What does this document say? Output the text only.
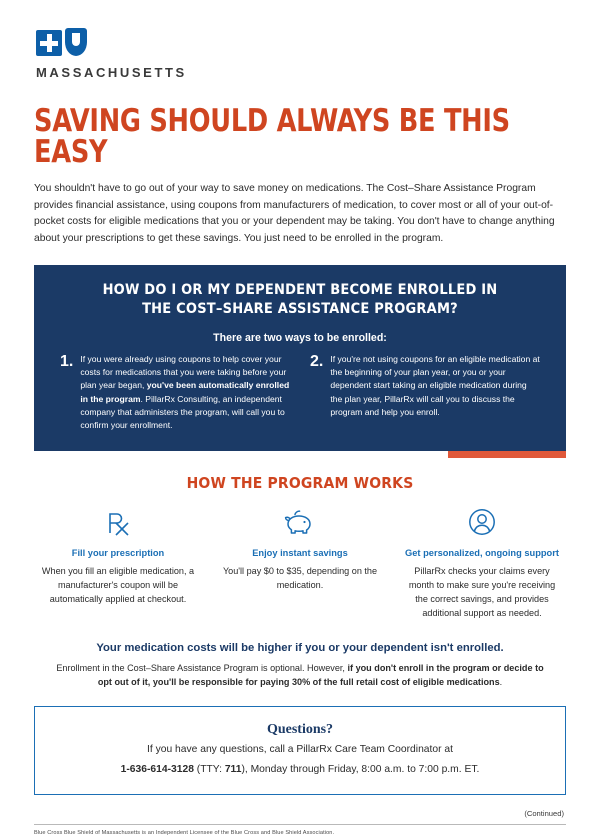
MASSACHUSETTS
SAVING SHOULD ALWAYS BE THIS EASY
You shouldn't have to go out of your way to save money on medications. The Cost–Share Assistance Program provides financial assistance, using coupons from manufacturers of medication, to cover most or all of your out-of-pocket costs for eligible medications that you or your dependent may be taking. You don't have to change anything about your prescriptions to get these savings. You just need to be enrolled in the program.
HOW DO I OR MY DEPENDENT BECOME ENROLLED IN
THE COST–SHARE ASSISTANCE PROGRAM?
There are two ways to be enrolled:
1. If you were already using coupons to help cover your costs for medications that you were taking before your plan year began, you've been automatically enrolled in the program. PillarRx Consulting, an independent company that administers the program, will call you to confirm your enrollment.
2. If you're not using coupons for an eligible medication at the beginning of your plan year, or you or your dependent start taking an eligible medication during the plan year, PillarRx will call you to discuss the program and help you enroll.
HOW THE PROGRAM WORKS
Fill your prescription
When you fill an eligible medication, a manufacturer's coupon will be automatically applied at checkout.
Enjoy instant savings
You'll pay $0 to $35, depending on the medication.
Get personalized, ongoing support
PillarRx checks your claims every month to make sure you're receiving the correct savings, and provides additional support as needed.
Your medication costs will be higher if you or your dependent isn't enrolled.
Enrollment in the Cost–Share Assistance Program is optional. However, if you don't enroll in the program or decide to opt out of it, you'll be responsible for paying 30% of the full retail cost of eligible medications.
Questions?
If you have any questions, call a PillarRx Care Team Coordinator at
1-636-614-3128 (TTY: 711), Monday through Friday, 8:00 a.m. to 7:00 p.m. ET.
(Continued)
Blue Cross Blue Shield of Massachusetts is an Independent Licensee of the Blue Cross and Blue Shield Association.
